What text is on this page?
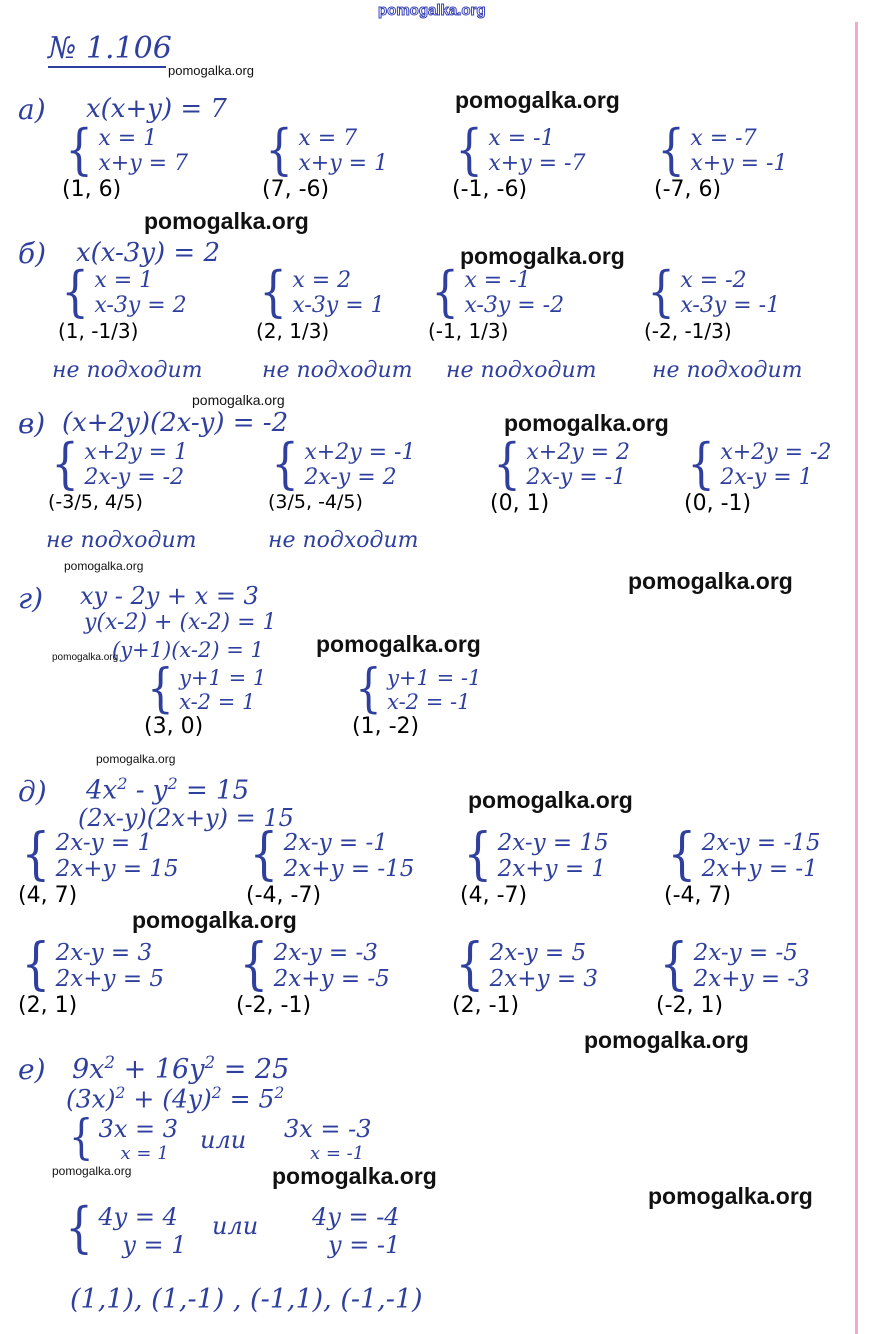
pomogalka.org
№ 1.106
pomogalka.org
а) x(x+y) = 7	pomogalka.org
{ x = 1
x+y = 7
(1, 6)
{ x = 7
x+y = 1
(7, -6)
{ x = -1
x+y = -7
(-1, -6)
{ x = -7
x+y = -1
(-7, 6)
pomogalka.org
б) x(x-3y) = 2	pomogalka.org
{ x = 1
x-3y = 2
(1, -1/3)
{ x = 2
x-3y = 1
(2, 1/3)
{ x = -1
x-3y = -2
(-1, 1/3)
{ x = -2
x-3y = -1
(-2, -1/3)
не подходит	не подходит не подходит	не подходит
pomogalka.org
в) (x+2y)(2x-y) = -2	pomogalka.org
{ x+2y = 1
2x-y = -2
(-3/5, 4/5)
{ x+2y = -1
2x-y = 2
(3/5, -4/5)
{ x+2y = 2
2x-y = -1
(0, 1)
{ x+2y = -2
2x-y = 1
(0, -1)
не подходит	не подходит
pomogalka.org
pomogalka.org
г) xy - 2y + x = 3
y(x-2) + (x-2) = 1
(y+1)(x-2) = 1
pomogalka.org
pomogalka.org
{ y+1 = 1
x-2 = 1
(3, 0)
{ y+1 = -1
x-2 = -1
(1, -2)
pomogalka.org
д) $4x^2 - y^2 = 15$
(2x-y)(2x+y) = 15
pomogalka.org
{ 2x-y = 1
2x+y = 15
(4, 7)
{ 2x-y = -1
2x+y = -15
(-4, -7)
{ 2x-y = 15
2x+y = 1
(4, -7)
{ 2x-y = -15
2x+y = -1
(-4, 7)
pomogalka.org
{ 2x-y = 3
2x+y = 5
(2, 1)
{ 2x-y = -3
2x+y = -5
(-2, -1)
{ 2x-y = 5
2x+y = 3
(2, -1)
{ 2x-y = -5
2x+y = -3
(-2, 1)
pomogalka.org
е) $9x^2 + 16y^2 = 25$
$(3x)^2 + (4y)^2 = 5^2$
{ 3x = 3
x = 1	или 3x = -3
x = -1
pomogalka.org	pomogalka.org
pomogalka.org
{ 4y = 4
y = 1
или 4y = -4
y = -1
(1,1), (1,-1) , (-1,1), (-1,-1)
